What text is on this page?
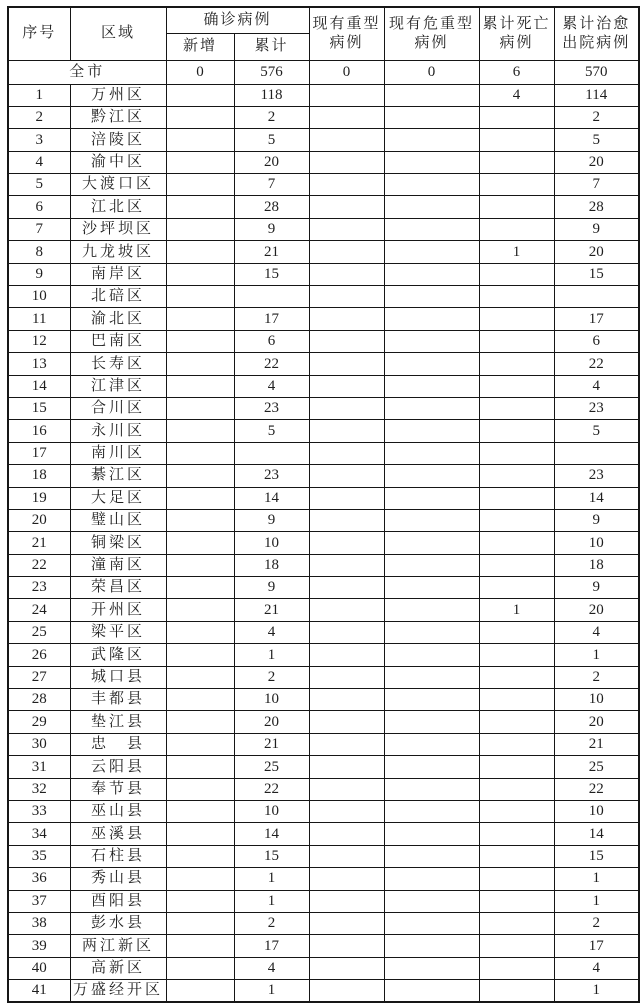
序号	区域	确诊病例		现有重型病例	现有危重型病例	累计死亡病例	累计治愈出院病例
		新增	累计				
全市		0	576	0	0	6	570
1	万州区		118			4	114
2	黔江区		2				2
3	涪陵区		5				5
4	渝中区		20				20
5	大渡口区		7				7
6	江北区		28				28
7	沙坪坝区		9				9
8	九龙坡区		21			1	20
9	南岸区		15				15
10	北碚区						
11	渝北区		17				17
12	巴南区		6				6
13	长寿区		22				22
14	江津区		4				4
15	合川区		23				23
16	永川区		5				5
17	南川区						
18	綦江区		23				23
19	大足区		14				14
20	璧山区		9				9
21	铜梁区		10				10
22	潼南区		18				18
23	荣昌区		9				9
24	开州区		21			1	20
25	梁平区		4				4
26	武隆区		1				1
27	城口县		2				2
28	丰都县		10				10
29	垫江县		20				20
30	忠　县		21				21
31	云阳县		25				25
32	奉节县		22				22
33	巫山县		10				10
34	巫溪县		14				14
35	石柱县		15				15
36	秀山县		1				1
37	酉阳县		1				1
38	彭水县		2				2
39	两江新区		17				17
40	高新区		4				4
41	万盛经开区		1				1
